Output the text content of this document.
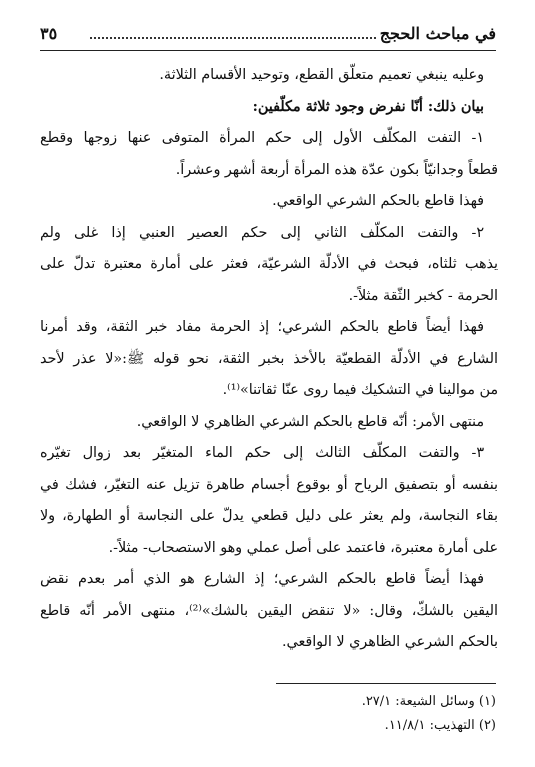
في مباحث الحجج
٣٥
وعليه ينبغي تعميم متعلّق القطع، وتوحيد الأقسام الثلاثة.
بيان ذلك: أنّا نفرض وجود ثلاثة مكلّفين:
١- التفت المكلّف الأول إلى حكم المرأة المتوفى عنها زوجها وقطع
قطعاً وجدانيّاً بكون عدّة هذه المرأة أربعة أشهر وعشراً.
فهذا قاطع بالحكم الشرعي الواقعي.
٢- والتفت المكلّف الثاني إلى حكم العصير العنبي إذا غلى ولم
يذهب ثلثاه، فبحث في الأدلّة الشرعيّة، فعثر على أمارة معتبرة تدلّ على
الحرمة - كخبر الثّقة مثلاً-.
فهذا أيضاً قاطع بالحكم الشرعي؛ إذ الحرمة مفاد خبر الثقة، وقد أمرنا
الشارع في الأدلّة القطعيّة بالأخذ بخبر الثقة، نحو قوله ﷺ:«لا عذر لأحد
من موالينا في التشكيك فيما روى عنّا ثقاتنا»⁽¹⁾.
منتهى الأمر: أنّه قاطع بالحكم الشرعي الظاهري لا الواقعي.
٣- والتفت المكلّف الثالث إلى حكم الماء المتغيّر بعد زوال تغيّره
بنفسه أو بتصفيق الرياح أو بوقوع أجسام طاهرة تزيل عنه التغيّر، فشك في
بقاء النجاسة، ولم يعثر على دليل قطعي يدلّ على النجاسة أو الطهارة، ولا
على أمارة معتبرة، فاعتمد على أصل عملي وهو الاستصحاب- مثلاً-.
فهذا أيضاً قاطع بالحكم الشرعي؛ إذ الشارع هو الذي أمر بعدم نقض
اليقين بالشكّ، وقال: «لا تنقض اليقين بالشك»⁽²⁾، منتهى الأمر أنّه قاطع
بالحكم الشرعي الظاهري لا الواقعي.
(١) وسائل الشيعة: ٢٧/١.
(٢) التهذيب: ١١/٨/١.
